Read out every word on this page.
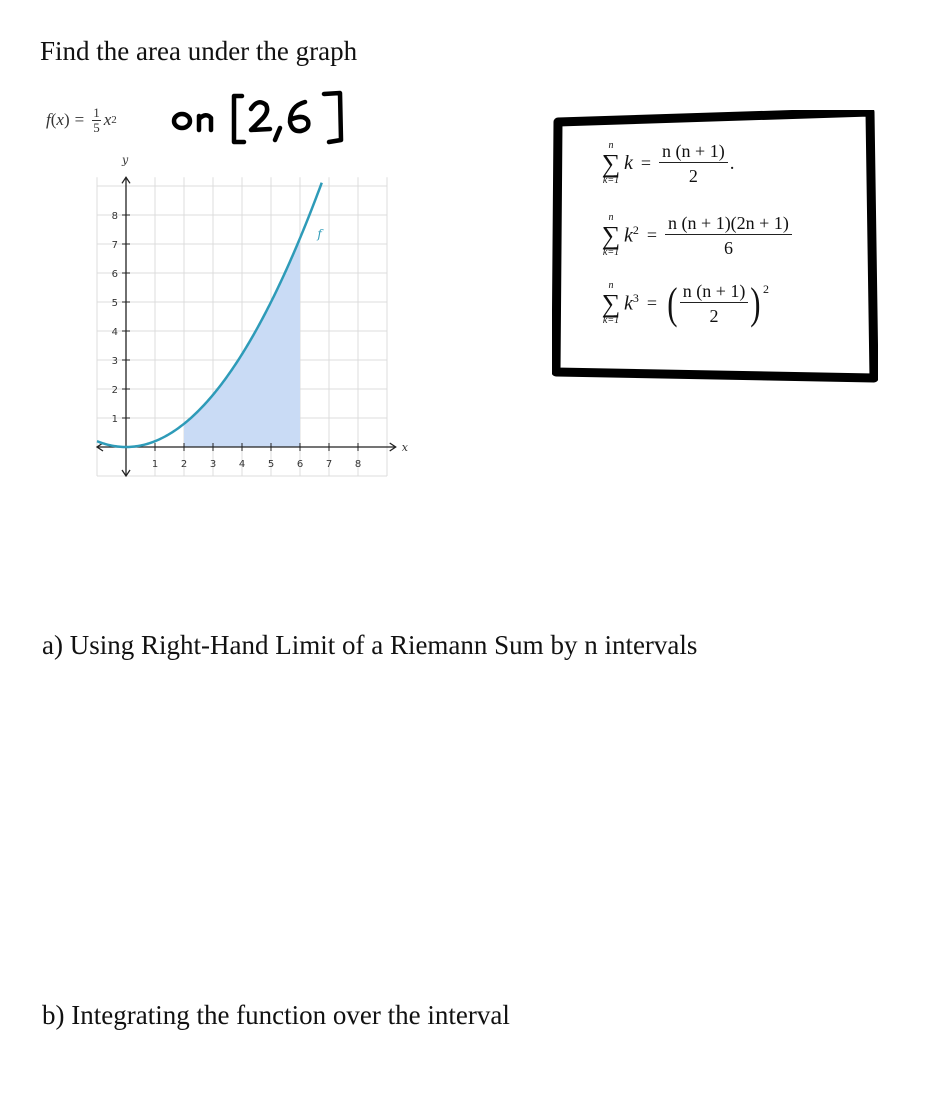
Find the area under the graph
f ( x ) = $\frac{1}{5}$ x 2
1 2 3 4 5 6 7 8
1
2
3
4
5
6
7
8
y
x
f
n
∑
k=1
$k = \frac{n (n + 1)}{2}$ .
n
∑
k=1
$k^2 = \frac{n (n + 1)(2n + 1)}{6}$
n
∑
k=1
$k^3$ = ( $\frac{n (n + 1)}{2}$ ) 2
a) Using Right-Hand Limit of a Riemann Sum by n intervals
b) Integrating the function over the interval
